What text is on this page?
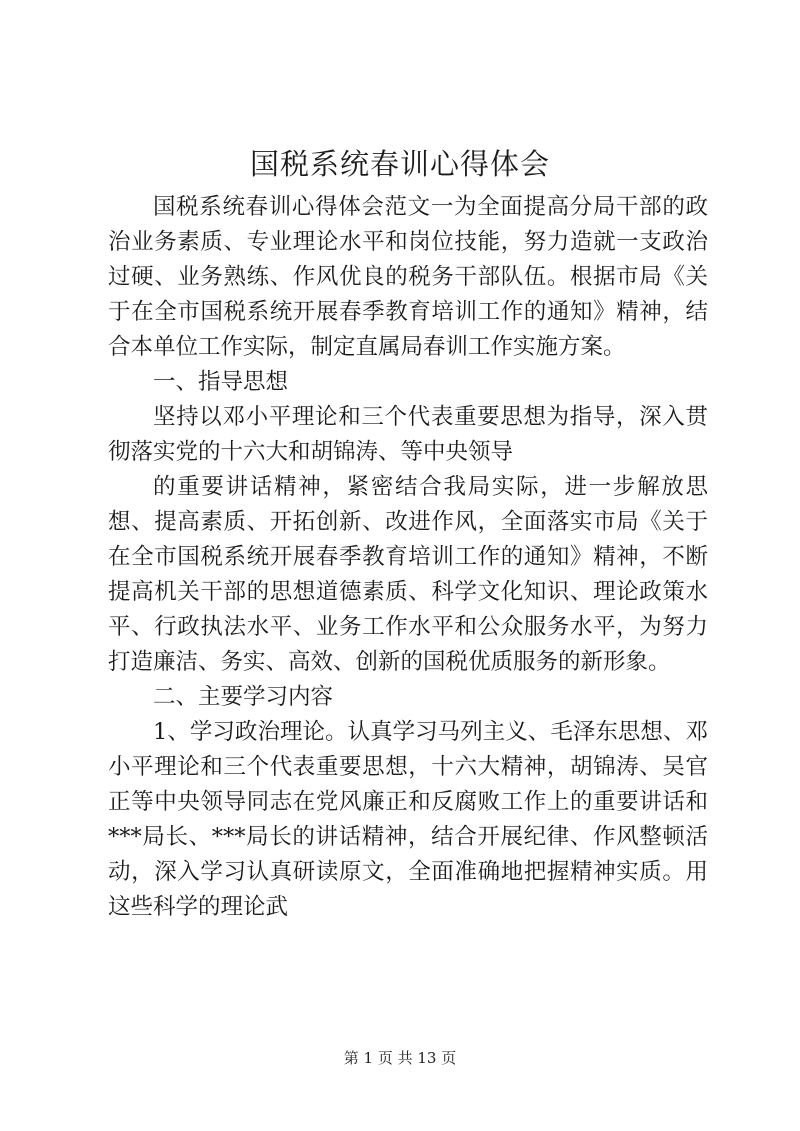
国税系统春训心得体会

国税系统春训心得体会范文一为全面提高分局干部的政治业务素质、专业理论水平和岗位技能，努力造就一支政治过硬、业务熟练、作风优良的税务干部队伍。根据市局《关于在全市国税系统开展春季教育培训工作的通知》精神，结合本单位工作实际，制定直属局春训工作实施方案。

一、指导思想

坚持以邓小平理论和三个代表重要思想为指导，深入贯彻落实党的十六大和胡锦涛、等中央领导

的重要讲话精神，紧密结合我局实际，进一步解放思想、提高素质、开拓创新、改进作风，全面落实市局《关于在全市国税系统开展春季教育培训工作的通知》精神，不断提高机关干部的思想道德素质、科学文化知识、理论政策水平、行政执法水平、业务工作水平和公众服务水平，为努力打造廉洁、务实、高效、创新的国税优质服务的新形象。

二、主要学习内容

1、学习政治理论。认真学习马列主义、毛泽东思想、邓小平理论和三个代表重要思想，十六大精神，胡锦涛、吴官正等中央领导同志在党风廉正和反腐败工作上的重要讲话和***局长、***局长的讲话精神，结合开展纪律、作风整顿活动，深入学习认真研读原文，全面准确地把握精神实质。用这些科学的理论武

第 1 页 共 13 页
